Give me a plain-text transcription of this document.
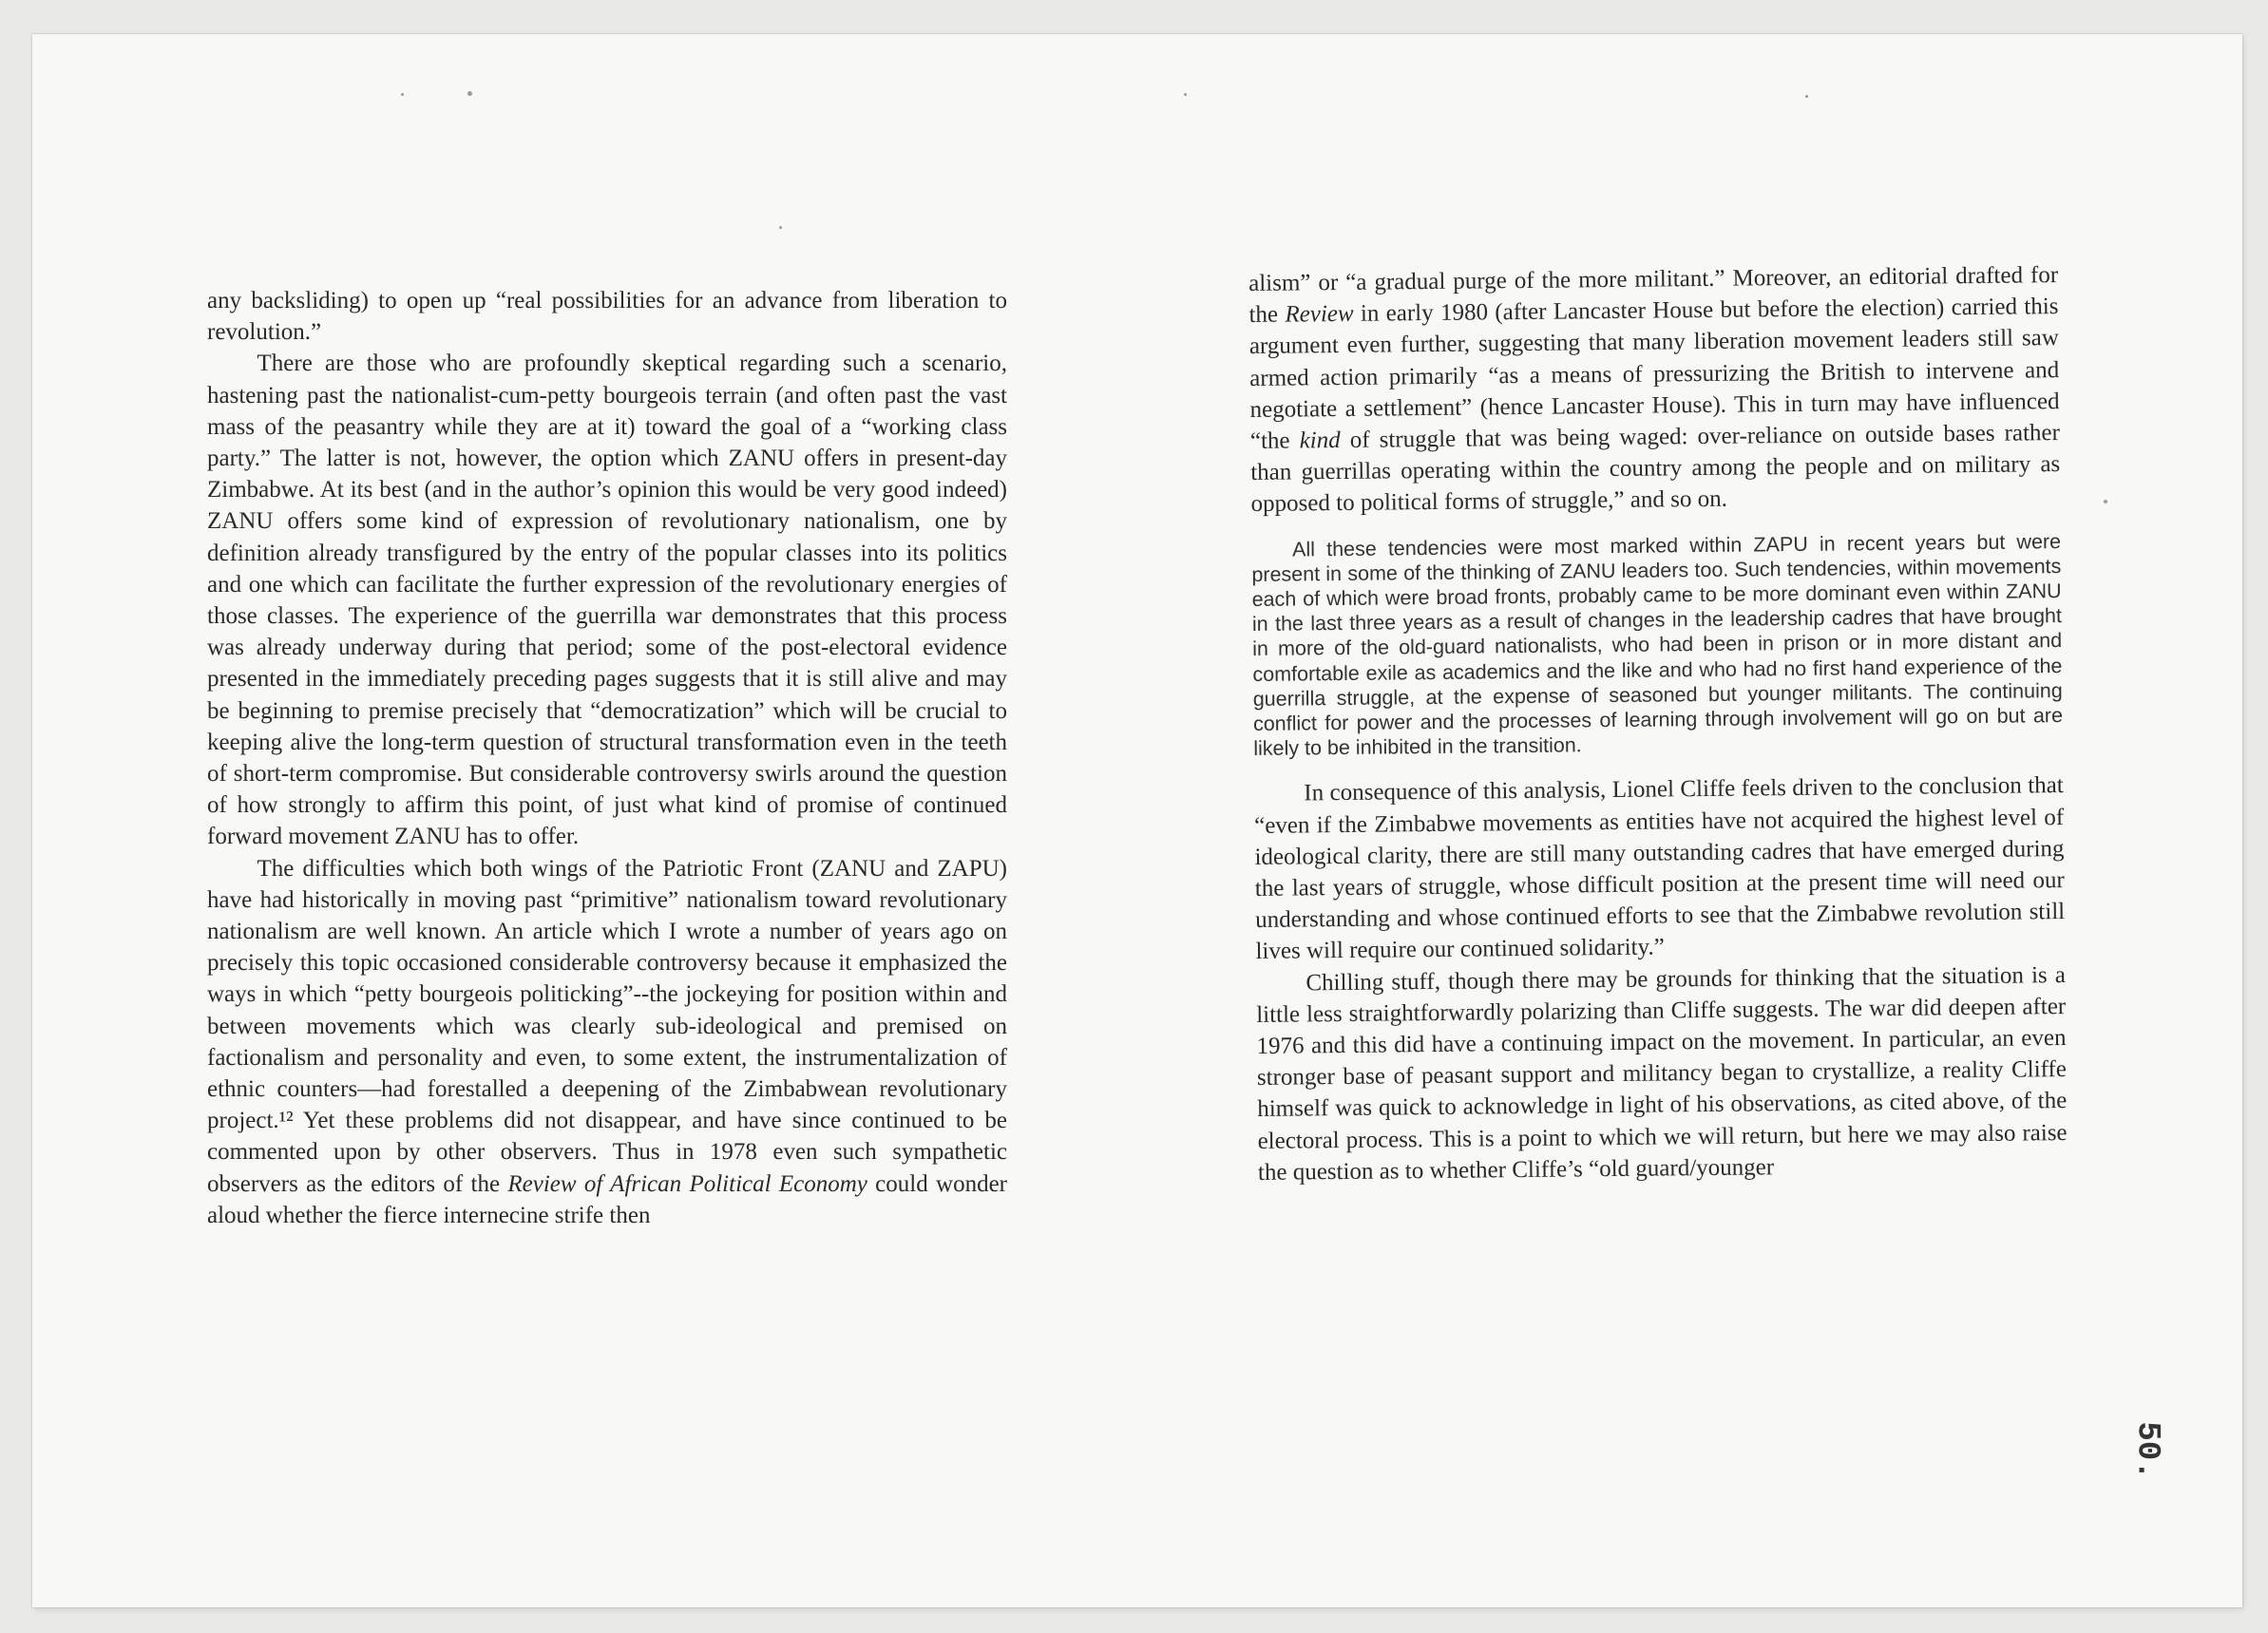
any backsliding) to open up “real possibilities for an advance from liberation to revolution.”

There are those who are profoundly skeptical regarding such a scenario, hastening past the nationalist-cum-petty bourgeois terrain (and often past the vast mass of the peasantry while they are at it) toward the goal of a “working class party.” The latter is not, however, the option which ZANU offers in present-day Zimbabwe. At its best (and in the author’s opinion this would be very good indeed) ZANU offers some kind of expression of revolutionary nationalism, one by definition already transfigured by the entry of the popular classes into its politics and one which can facilitate the further expression of the revolutionary energies of those classes. The experience of the guerrilla war demonstrates that this process was already underway during that period; some of the post-electoral evidence presented in the immediately preceding pages suggests that it is still alive and may be beginning to premise precisely that “democratization” which will be crucial to keeping alive the long-term question of structural transformation even in the teeth of short-term compromise. But considerable controversy swirls around the question of how strongly to affirm this point, of just what kind of promise of continued forward movement ZANU has to offer.

The difficulties which both wings of the Patriotic Front (ZANU and ZAPU) have had historically in moving past “primitive” nationalism toward revolutionary nationalism are well known. An article which I wrote a number of years ago on precisely this topic occasioned considerable controversy because it emphasized the ways in which “petty bourgeois politicking”--the jockeying for position within and between movements which was clearly sub-ideological and premised on factionalism and personality and even, to some extent, the instrumentalization of ethnic counters—had forestalled a deepening of the Zimbabwean revolutionary project.¹² Yet these problems did not disappear, and have since continued to be commented upon by other observers. Thus in 1978 even such sympathetic observers as the editors of the Review of African Political Economy could wonder aloud whether the fierce internecine strife then

alism” or “a gradual purge of the more militant.” Moreover, an editorial drafted for the Review in early 1980 (after Lancaster House but before the election) carried this argument even further, suggesting that many liberation movement leaders still saw armed action primarily “as a means of pressurizing the British to intervene and negotiate a settlement” (hence Lancaster House). This in turn may have influenced “the kind of struggle that was being waged: over-reliance on outside bases rather than guerrillas operating within the country among the people and on military as opposed to political forms of struggle,” and so on.

All these tendencies were most marked within ZAPU in recent years but were present in some of the thinking of ZANU leaders too. Such tendencies, within movements each of which were broad fronts, probably came to be more dominant even within ZANU in the last three years as a result of changes in the leadership cadres that have brought in more of the old-guard nationalists, who had been in prison or in more distant and comfortable exile as academics and the like and who had no first hand experience of the guerrilla struggle, at the expense of seasoned but younger militants. The continuing conflict for power and the processes of learning through involvement will go on but are likely to be inhibited in the transition.

In consequence of this analysis, Lionel Cliffe feels driven to the conclusion that “even if the Zimbabwe movements as entities have not acquired the highest level of ideological clarity, there are still many outstanding cadres that have emerged during the last years of struggle, whose difficult position at the present time will need our understanding and whose continued efforts to see that the Zimbabwe revolution still lives will require our continued solidarity.”

Chilling stuff, though there may be grounds for thinking that the situation is a little less straightforwardly polarizing than Cliffe suggests. The war did deepen after 1976 and this did have a continuing impact on the movement. In particular, an even stronger base of peasant support and militancy began to crystallize, a reality Cliffe himself was quick to acknowledge in light of his observations, as cited above, of the electoral process. This is a point to which we will return, but here we may also raise the question as to whether Cliffe’s “old guard/younger

50.
